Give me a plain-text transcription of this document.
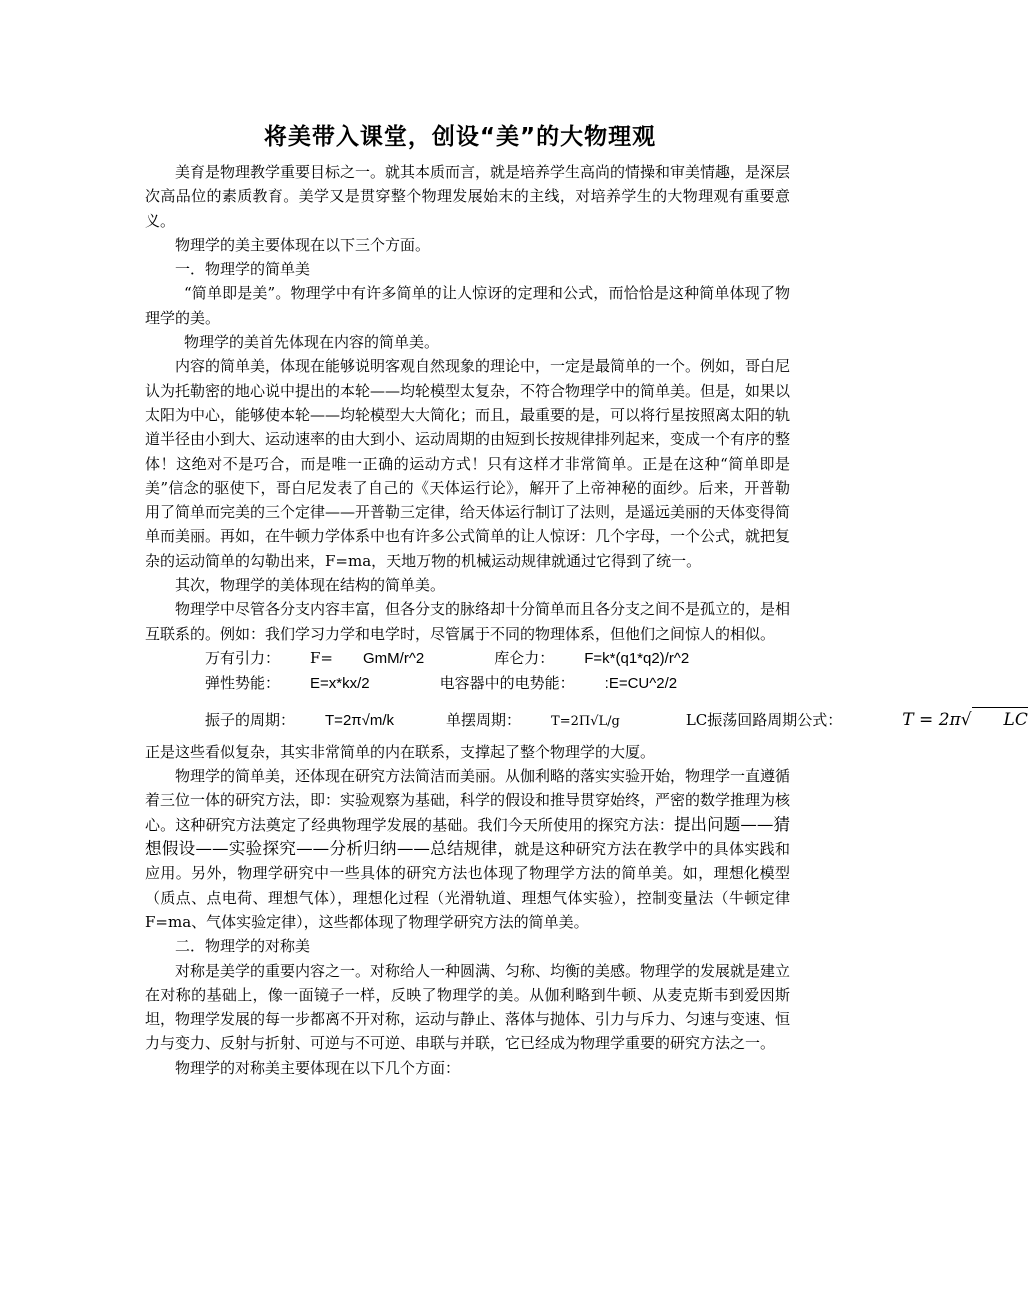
将美带入课堂，创设“美”的大物理观

美育是物理教学重要目标之一。就其本质而言，就是培养学生高尚的情操和审美情趣，是深层次高品位的素质教育。美学又是贯穿整个物理发展始末的主线，对培养学生的大物理观有重要意义。

物理学的美主要体现在以下三个方面。

一．物理学的简单美

“简单即是美”。物理学中有许多简单的让人惊讶的定理和公式，而恰恰是这种简单体现了物理学的美。

物理学的美首先体现在内容的简单美。

内容的简单美，体现在能够说明客观自然现象的理论中，一定是最简单的一个。例如，哥白尼认为托勒密的地心说中提出的本轮——均轮模型太复杂，不符合物理学中的简单美。但是，如果以太阳为中心，能够使本轮——均轮模型大大简化；而且，最重要的是，可以将行星按照离太阳的轨道半径由小到大、运动速率的由大到小、运动周期的由短到长按规律排列起来，变成一个有序的整体！这绝对不是巧合，而是唯一正确的运动方式！只有这样才非常简单。正是在这种“简单即是美”信念的驱使下，哥白尼发表了自己的《天体运行论》，解开了上帝神秘的面纱。后来，开普勒用了简单而完美的三个定律——开普勒三定律，给天体运行制订了法则，是遥远美丽的天体变得简单而美丽。再如，在牛顿力学体系中也有许多公式简单的让人惊讶：几个字母，一个公式，就把复杂的运动简单的勾勒出来，F=ma，天地万物的机械运动规律就通过它得到了统一。

其次，物理学的美体现在结构的简单美。

物理学中尽管各分支内容丰富，但各分支的脉络却十分简单而且各分支之间不是孤立的，是相互联系的。例如：我们学习力学和电学时，尽管属于不同的物理体系，但他们之间惊人的相似。

万有引力： F= GmM/r^2	库仑力： F=k*(q1*q2)/r^2

弹性势能： E=x*kx/2	电容器中的电势能： :E=CU^2/2

振子的周期： T=2π√m/k	单摆周期： T=2Π√L/g	LC振荡回路周期公式：	T = 2π√ LC

正是这些看似复杂，其实非常简单的内在联系，支撑起了整个物理学的大厦。

物理学的简单美，还体现在研究方法简洁而美丽。从伽利略的落实实验开始，物理学一直遵循着三位一体的研究方法，即：实验观察为基础，科学的假设和推导贯穿始终，严密的数学推理为核心。这种研究方法奠定了经典物理学发展的基础。我们今天所使用的探究方法：提出问题——猜想假设——实验探究——分析归纳——总结规律，就是这种研究方法在教学中的具体实践和应用。另外，物理学研究中一些具体的研究方法也体现了物理学方法的简单美。如，理想化模型（质点、点电荷、理想气体），理想化过程（光滑轨道、理想气体实验），控制变量法（牛顿定律F=ma、气体实验定律），这些都体现了物理学研究方法的简单美。

二．物理学的对称美

对称是美学的重要内容之一。对称给人一种圆满、匀称、均衡的美感。物理学的发展就是建立在对称的基础上，像一面镜子一样，反映了物理学的美。从伽利略到牛顿、从麦克斯韦到爱因斯坦，物理学发展的每一步都离不开对称，运动与静止、落体与抛体、引力与斥力、匀速与变速、恒力与变力、反射与折射、可逆与不可逆、串联与并联，它已经成为物理学重要的研究方法之一。

物理学的对称美主要体现在以下几个方面：
